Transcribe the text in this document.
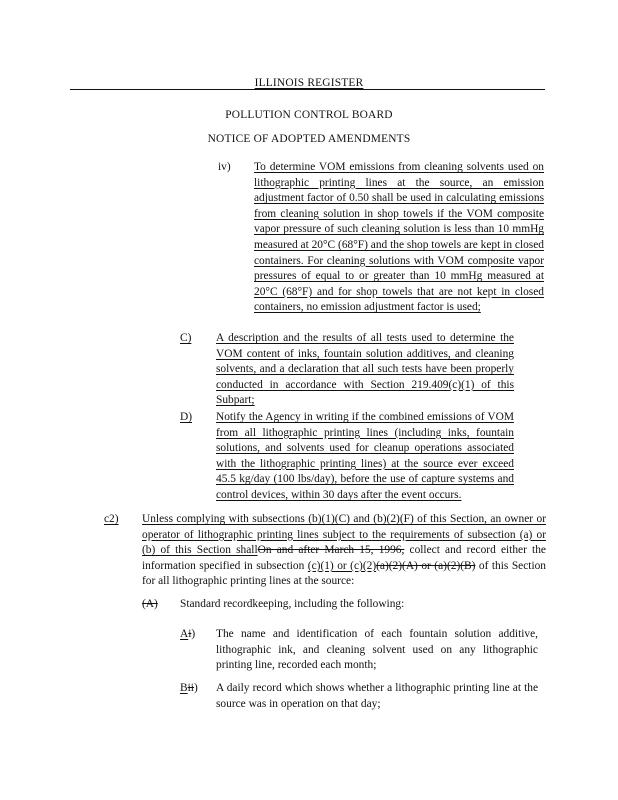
ILLINOIS REGISTER
POLLUTION CONTROL BOARD
NOTICE OF ADOPTED AMENDMENTS
iv) To determine VOM emissions from cleaning solvents used on lithographic printing lines at the source, an emission adjustment factor of 0.50 shall be used in calculating emissions from cleaning solution in shop towels if the VOM composite vapor pressure of such cleaning solution is less than 10 mmHg measured at 20°C (68°F) and the shop towels are kept in closed containers. For cleaning solutions with VOM composite vapor pressures of equal to or greater than 10 mmHg measured at 20°C (68°F) and for shop towels that are not kept in closed containers, no emission adjustment factor is used;
C) A description and the results of all tests used to determine the VOM content of inks, fountain solution additives, and cleaning solvents, and a declaration that all such tests have been properly conducted in accordance with Section 219.409(c)(1) of this Subpart;
D) Notify the Agency in writing if the combined emissions of VOM from all lithographic printing lines (including inks, fountain solutions, and solvents used for cleanup operations associated with the lithographic printing lines) at the source ever exceed 45.5 kg/day (100 lbs/day), before the use of capture systems and control devices, within 30 days after the event occurs.
c2) Unless complying with subsections (b)(1)(C) and (b)(2)(F) of this Section, an owner or operator of lithographic printing lines subject to the requirements of subsection (a) or (b) of this Section shallOn and after March 15, 1996, collect and record either the information specified in subsection (c)(1) or (c)(2)(a)(2)(A) or (a)(2)(B) of this Section for all lithographic printing lines at the source:
(A) Standard recordkeeping, including the following:
Ai) The name and identification of each fountain solution additive, lithographic ink, and cleaning solvent used on any lithographic printing line, recorded each month;
Bii) A daily record which shows whether a lithographic printing line at the source was in operation on that day;
